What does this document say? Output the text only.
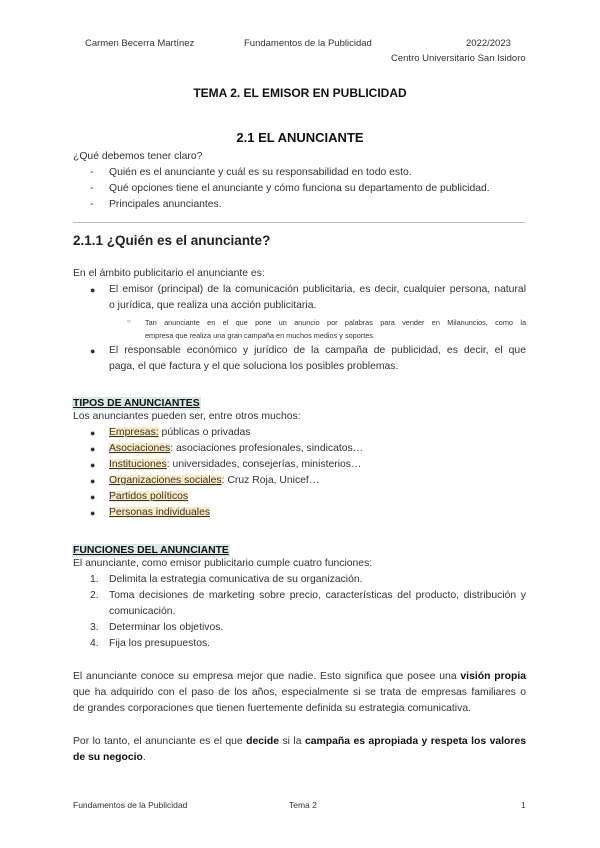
Carmen Becerra Martínez	Fundamentos de la Publicidad	2022/2023
Centro Universitario San Isidoro
TEMA 2. EL EMISOR EN PUBLICIDAD
2.1 EL ANUNCIANTE
¿Qué debemos tener claro?
- Quién es el anunciante y cuál es su responsabilidad en todo esto.
- Qué opciones tiene el anunciante y cómo funciona su departamento de publicidad.
- Principales anunciantes.
2.1.1 ¿Quién es el anunciante?
En el ámbito publicitario el anunciante es:
● El emisor (principal) de la comunicación publicitaria, es decir, cualquier persona, natural
o jurídica, que realiza una acción publicitaria.
○ Tan anunciante en el que pone un anuncio por palabras para vender en Milanuncios, como la
empresa que realiza una gran campaña en muchos medios y soportes.
● El responsable económico y jurídico de la campaña de publicidad, es decir, el que
paga, el que factura y el que soluciona los posibles problemas.
TIPOS DE ANUNCIANTES
Los anunciantes pueden ser, entre otros muchos:
● Empresas: públicas o privadas
● Asociaciones: asociaciones profesionales, sindicatos…
● Instituciones: universidades, consejerías, ministerios…
● Organizaciones sociales: Cruz Roja, Unicef…
● Partidos políticos
● Personas individuales
FUNCIONES DEL ANUNCIANTE
El anunciante, como emisor publicitario cumple cuatro funciones:
1. Delimita la estrategia comunicativa de su organización.
2. Toma decisiones de marketing sobre precio, características del producto, distribución y
comunicación.
3. Determinar los objetivos.
4. Fija los presupuestos.
El anunciante conoce su empresa mejor que nadie. Esto significa que posee una visión propia
que ha adquirido con el paso de los años, especialmente si se trata de empresas familiares o
de grandes corporaciones que tienen fuertemente definida su estrategia comunicativa.
Por lo tanto, el anunciante es el que decide si la campaña es apropiada y respeta los valores
de su negocio.
Fundamentos de la Publicidad	Tema 2	1
